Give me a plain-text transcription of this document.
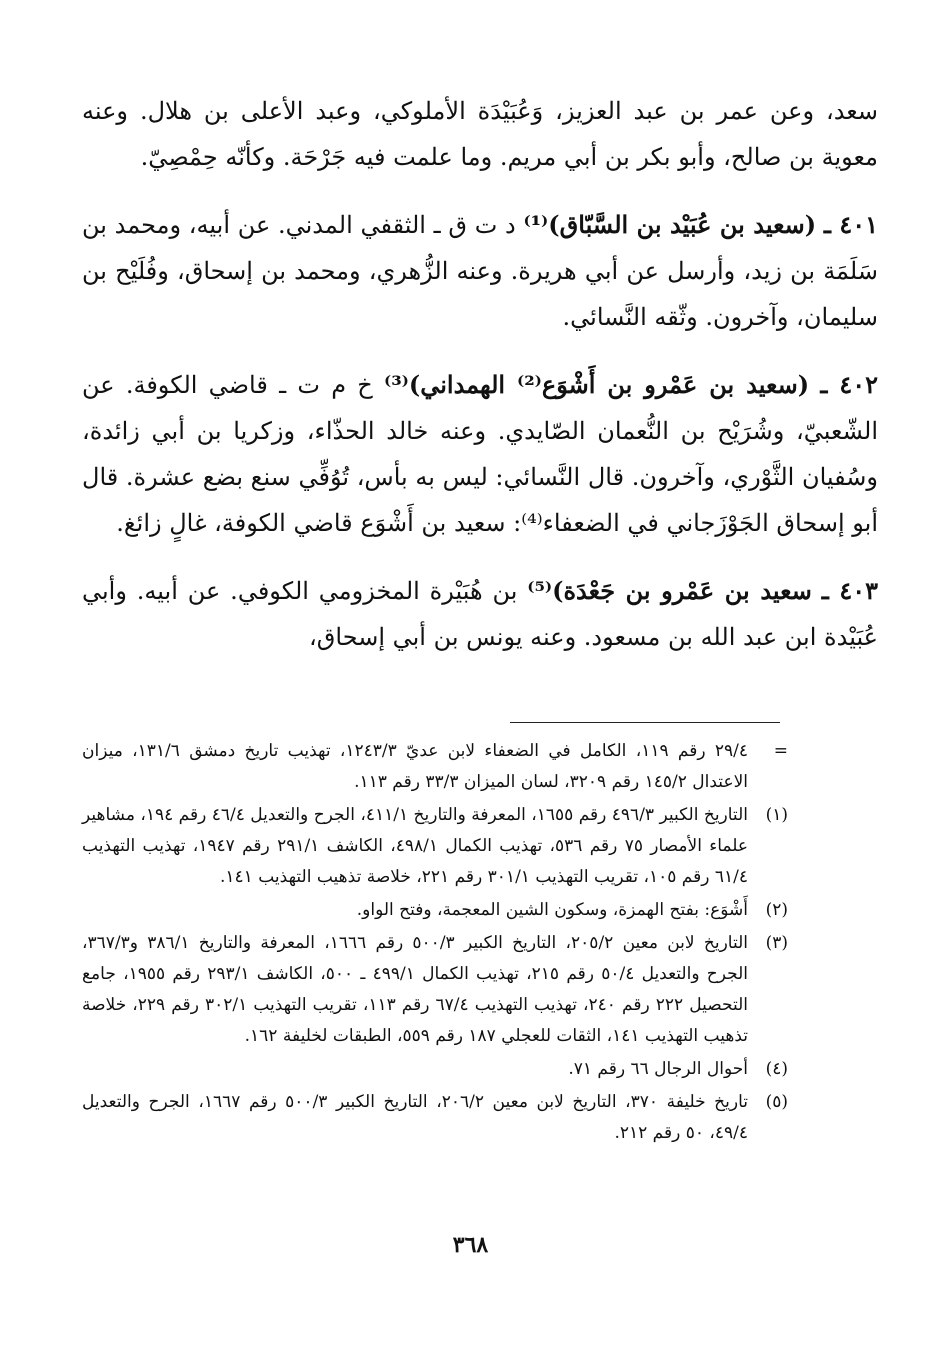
سعد، وعن عمر بن عبد العزيز، وَعُبَيْدَة الأملوكي، وعبد الأعلى بن هلال. وعنه معوية بن صالح، وأبو بكر بن أبي مريم. وما علمت فيه جَرْحَة. وكأنّه حِمْصِيّ.

٤٠١ ـ (سعيد بن عُبَيْد بن السَّبّاق)⁽¹⁾ د ت ق ـ الثقفي المدني. عن أبيه، ومحمد بن سَلَمَة بن زيد، وأرسل عن أبي هريرة. وعنه الزُّهري، ومحمد بن إسحاق، وفُلَيْح بن سليمان، وآخرون. وثّقه النَّسائي.

٤٠٢ ـ (سعيد بن عَمْرو بن أَشْوَع⁽²⁾ الهمداني)⁽³⁾ خ م ت ـ قاضي الكوفة. عن الشّعبيّ، وشُرَيْح بن النُّعمان الصّايدي. وعنه خالد الحذّاء، وزكريا بن أبي زائدة، وسُفيان الثَّوْري، وآخرون. قال النَّسائي: ليس به بأس، تُوُفِّي سنع بضع عشرة. قال أبو إسحاق الجَوْزَجاني في الضعفاء⁽⁴⁾: سعيد بن أَشْوَع قاضي الكوفة، غالٍ زائغ.

٤٠٣ ـ سعيد بن عَمْرو بن جَعْدَة)⁽⁵⁾ بن هُبَيْرة المخزومي الكوفي. عن أبيه. وأبي عُبَيْدة ابن عبد الله بن مسعود. وعنه يونس بن أبي إسحاق،

=
٢٩/٤ رقم ١١٩، الكامل في الضعفاء لابن عديّ ١٢٤٣/٣، تهذيب تاريخ دمشق ١٣١/٦، ميزان الاعتدال ١٤٥/٢ رقم ٣٢٠٩، لسان الميزان ٣٣/٣ رقم ١١٣.

(١)
التاريخ الكبير ٤٩٦/٣ رقم ١٦٥٥، المعرفة والتاريخ ٤١١/١، الجرح والتعديل ٤٦/٤ رقم ١٩٤، مشاهير علماء الأمصار ٧٥ رقم ٥٣٦، تهذيب الكمال ٤٩٨/١، الكاشف ٢٩١/١ رقم ١٩٤٧، تهذيب التهذيب ٦١/٤ رقم ١٠٥، تقريب التهذيب ٣٠١/١ رقم ٢٢١، خلاصة تذهيب التهذيب ١٤١.

(٢)
أَشْوَع: بفتح الهمزة، وسكون الشين المعجمة، وفتح الواو.

(٣)
التاريخ لابن معين ٢٠٥/٢، التاريخ الكبير ٥٠٠/٣ رقم ١٦٦٦، المعرفة والتاريخ ٣٨٦/١ و٣٦٧/٣، الجرح والتعديل ٥٠/٤ رقم ٢١٥، تهذيب الكمال ٤٩٩/١ ـ ٥٠٠، الكاشف ٢٩٣/١ رقم ١٩٥٥، جامع التحصيل ٢٢٢ رقم ٢٤٠، تهذيب التهذيب ٦٧/٤ رقم ١١٣، تقريب التهذيب ٣٠٢/١ رقم ٢٢٩، خلاصة تذهيب التهذيب ١٤١، الثقات للعجلي ١٨٧ رقم ٥٥٩، الطبقات لخليفة ١٦٢.

(٤)
أحوال الرجال ٦٦ رقم ٧١.

(٥)
تاريخ خليفة ٣٧٠، التاريخ لابن معين ٢٠٦/٢، التاريخ الكبير ٥٠٠/٣ رقم ١٦٦٧، الجرح والتعديل ٤٩/٤، ٥٠ رقم ٢١٢.

٣٦٨
